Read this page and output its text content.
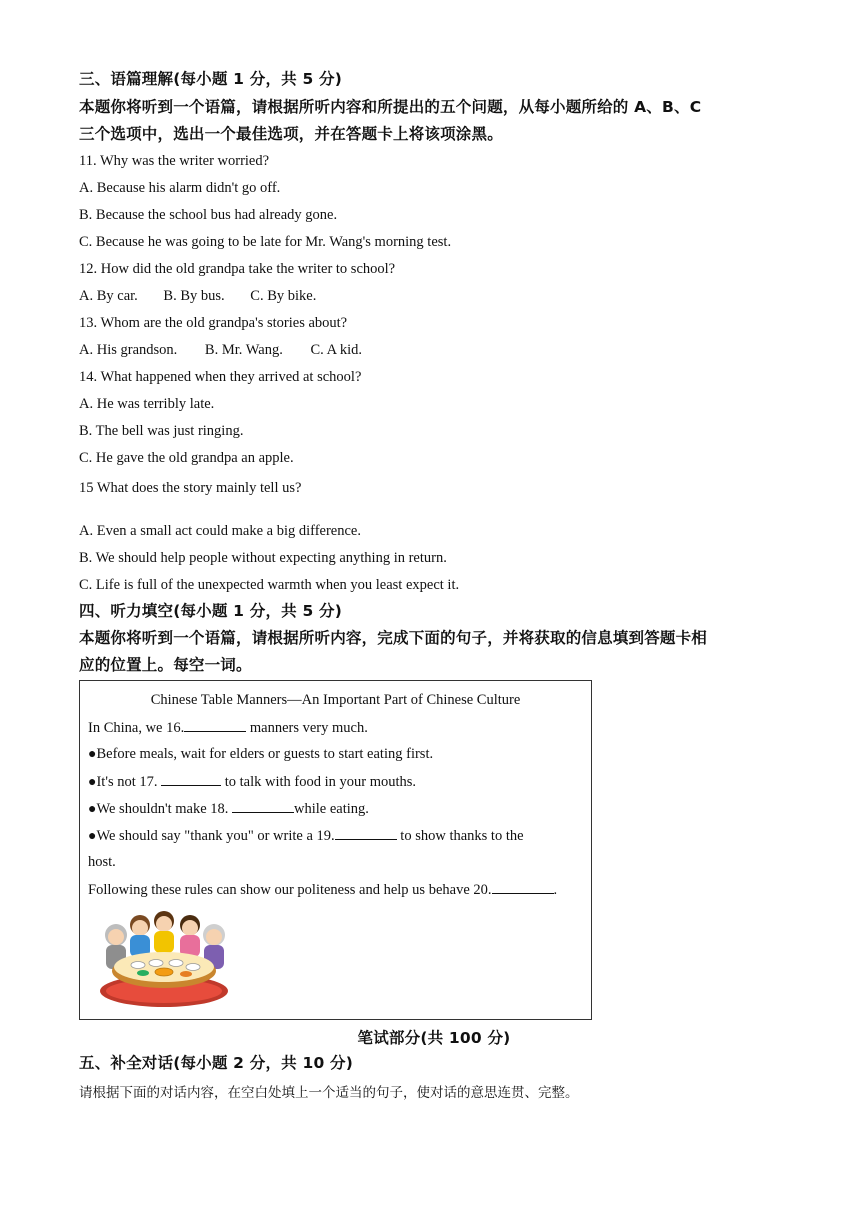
三、语篇理解(每小题 1 分，共 5 分)
本题你将听到一个语篇，请根据所听内容和所提出的五个问题，从每小题所给的 A、B、C
三个选项中，选出一个最佳选项，并在答题卡上将该项涂黑。
11. Why was the writer worried?
A. Because his alarm didn't go off.
B. Because the school bus had already gone.
C. Because he was going to be late for Mr. Wang's morning test.
12. How did the old grandpa take the writer to school?
A. By car. B. By bus. C. By bike.
13. Whom are the old grandpa's stories about?
A. His grandson. B. Mr. Wang. C. A kid.
14. What happened when they arrived at school?
A. He was terribly late.
B. The bell was just ringing.
C. He gave the old grandpa an apple.
15 What does the story mainly tell us?
A. Even a small act could make a big difference.
B. We should help people without expecting anything in return.
C. Life is full of the unexpected warmth when you least expect it.
四、听力填空(每小题 1 分，共 5 分)
本题你将听到一个语篇，请根据所听内容，完成下面的句子，并将获取的信息填到答题卡相
应的位置上。每空一词。
Chinese Table Manners—An Important Part of Chinese Culture
In China, we 16.	manners very much.
●Before meals, wait for elders or guests to start eating first.
●It's not 17.	to talk with food in your mouths.
●We shouldn't make 18.	while eating.
●We should say "thank you" or write a 19.	to show thanks to the
host.
Following these rules can show our politeness and help us behave 20.	.
笔试部分(共 100 分)
五、补全对话(每小题 2 分，共 10 分)
请根据下面的对话内容，在空白处填上一个适当的句子，使对话的意思连贯、完整。
